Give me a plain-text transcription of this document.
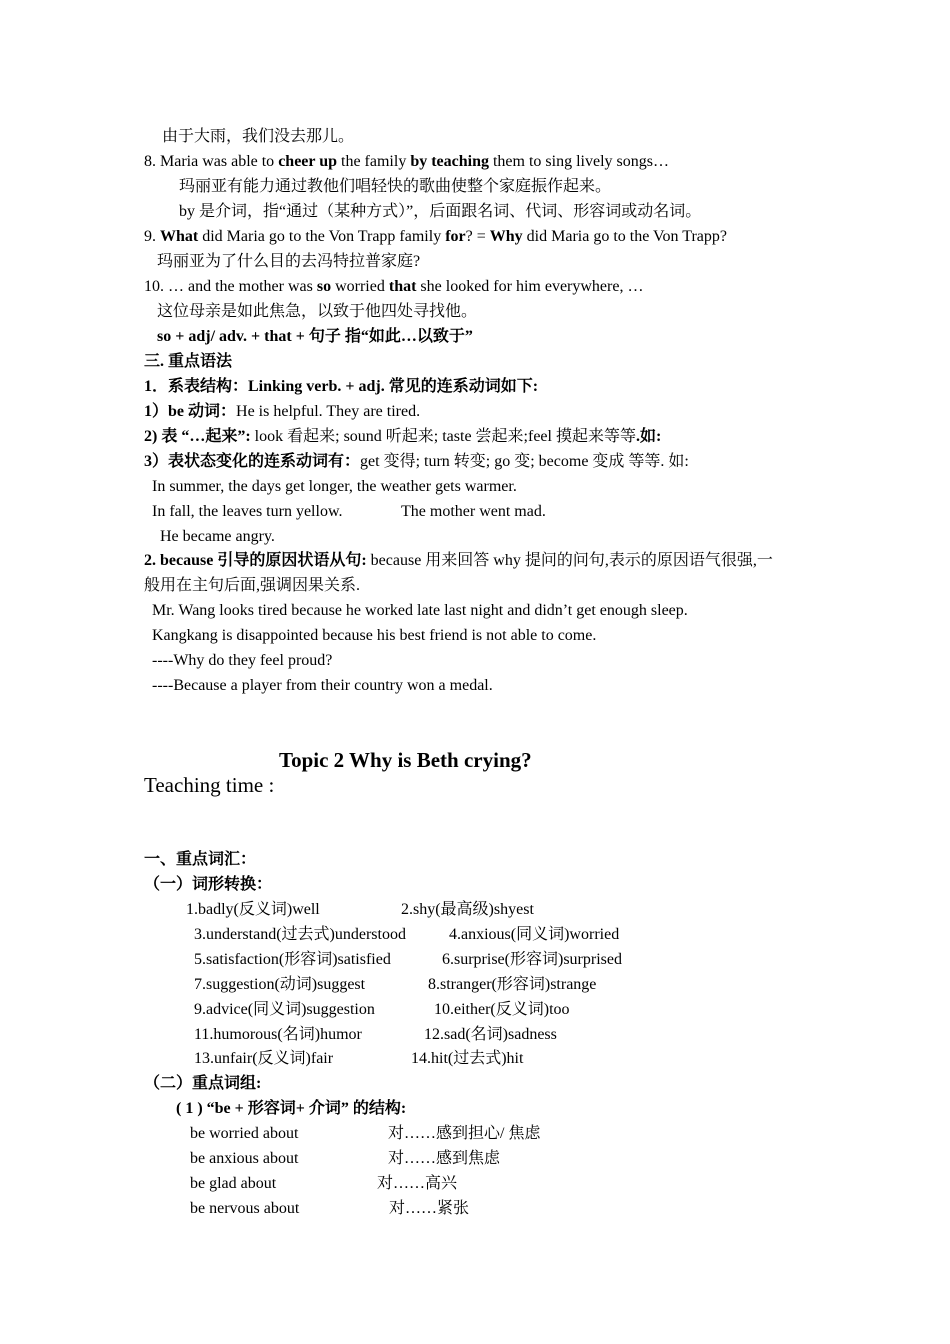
由于大雨，我们没去那儿。
8. Maria was able to cheer up the family by teaching them to sing lively songs…
玛丽亚有能力通过教他们唱轻快的歌曲使整个家庭振作起来。
by 是介词，指“通过（某种方式）”，后面跟名词、代词、形容词或动名词。
9. What did Maria go to the Von Trapp family for? = Why did Maria go to the Von Trapp?
玛丽亚为了什么目的去冯特拉普家庭?
10. … and the mother was so worried that she looked for him everywhere, …
这位母亲是如此焦急，以致于他四处寻找他。
so + adj/ adv. + that + 句子 指“如此…以致于”
三. 重点语法
1．系表结构：Linking verb. + adj. 常见的连系动词如下:
1）be 动词：He is helpful. They are tired.
2) 表 “…起来”: look 看起来; sound 听起来; taste 尝起来;feel 摸起来等等.如:
3）表状态变化的连系动词有：get 变得; turn 转变; go 变; become 变成 等等. 如:
In summer, the days get longer, the weather gets warmer.
In fall, the leaves turn yellow.	The mother went mad.
He became angry.
2. because 引导的原因状语从句: because 用来回答 why 提问的问句,表示的原因语气很强,一
般用在主句后面,强调因果关系.
Mr. Wang looks tired because he worked late last night and didn’t get enough sleep.
Kangkang is disappointed because his best friend is not able to come.
----Why do they feel proud?
----Because a player from their country won a medal.
Topic 2 Why is Beth crying?
Teaching time :
一、重点词汇：
（一）词形转换：
1.badly(反义词)well	2.shy(最高级)shyest
3.understand(过去式)understood	4.anxious(同义词)worried
5.satisfaction(形容词)satisfied	6.surprise(形容词)surprised
7.suggestion(动词)suggest	8.stranger(形容词)strange
9.advice(同义词)suggestion	10.either(反义词)too
11.humorous(名词)humor	12.sad(名词)sadness
13.unfair(反义词)fair	14.hit(过去式)hit
（二）重点词组:
( 1 ) “be + 形容词+ 介词” 的结构:
be worried about	对……感到担心/ 焦虑
be anxious about	对……感到焦虑
be glad about	对……高兴
be nervous about	对……紧张
